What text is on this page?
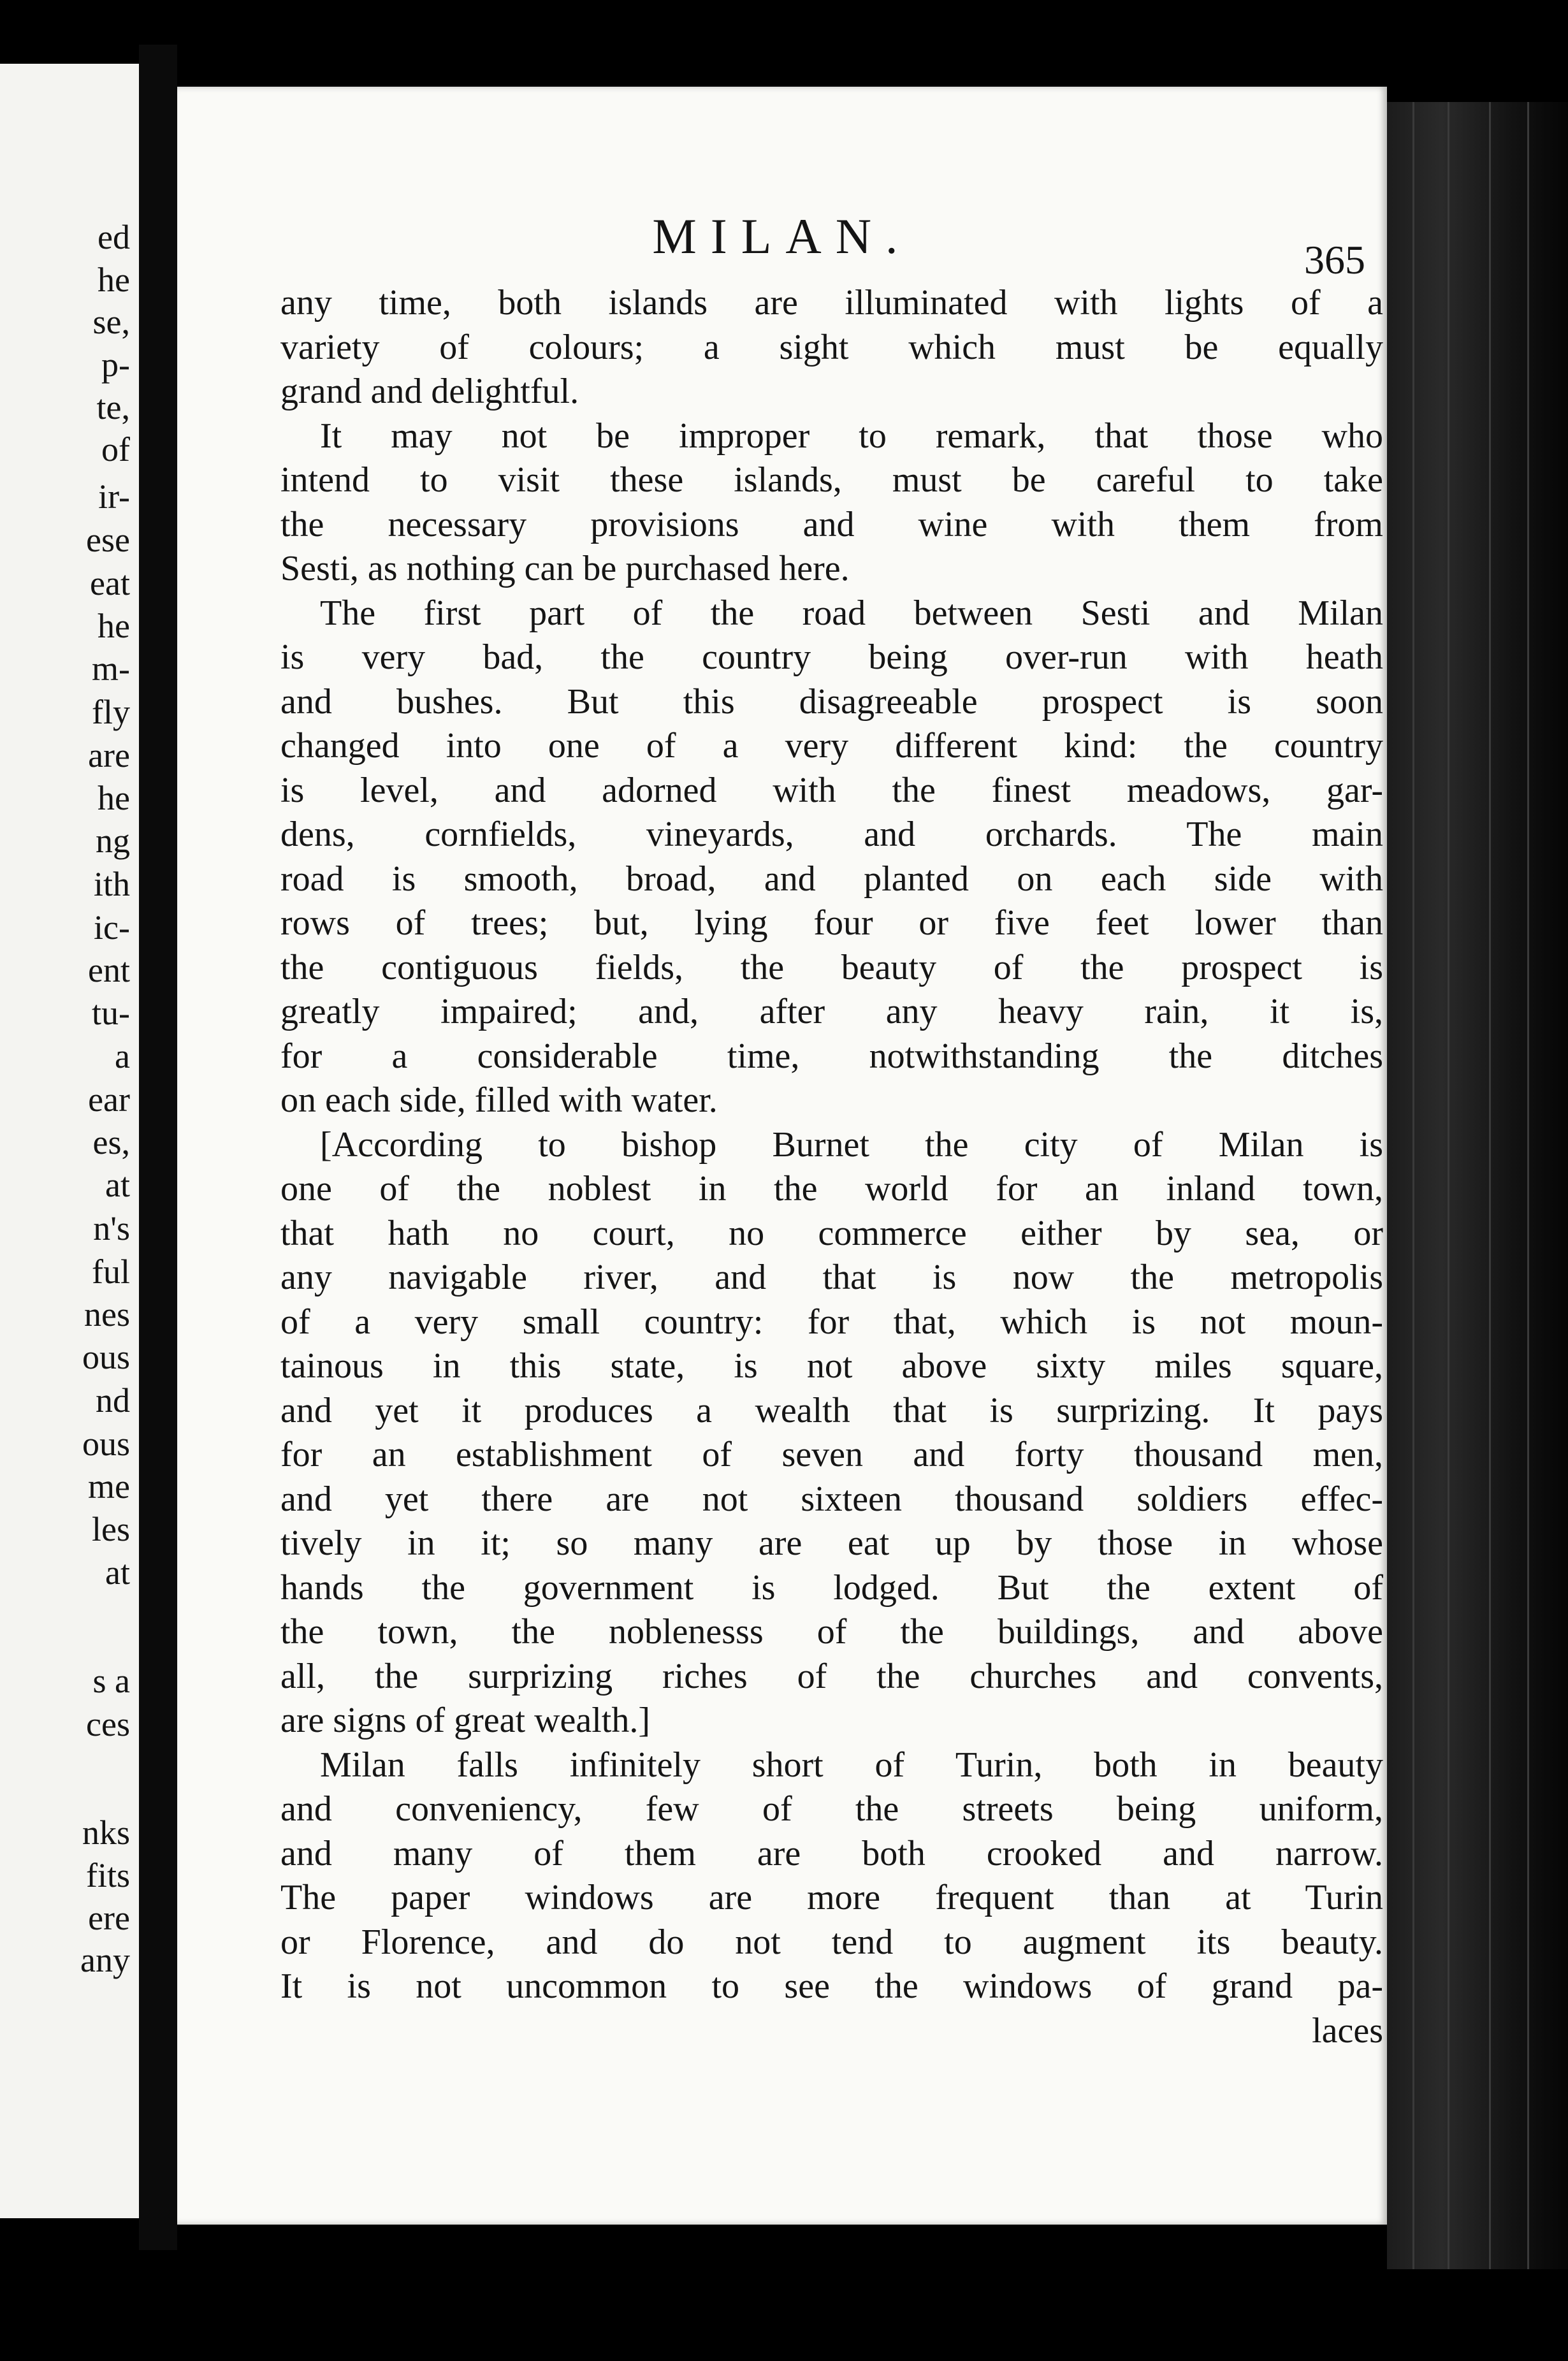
ed
he
se,
p-
te,
of
ir-
ese
eat
he
m-
fly
are
he
ng
ith
ic-
ent
tu-
a
ear
es,
at
n's
ful
nes
ous
nd
ous
me
les
at
s a
ces
nks
fits
ere
any
MILAN.	365
any time, both islands are illuminated with lights of a
variety of colours; a sight which must be equally
grand and delightful.
It may not be improper to remark, that those who
intend to visit these islands, must be careful to take
the necessary provisions and wine with them from
Sesti, as nothing can be purchased here.
The first part of the road between Sesti and Milan
is very bad, the country being over-run with heath
and bushes. But this disagreeable prospect is soon
changed into one of a very different kind: the country
is level, and adorned with the finest meadows, gar-
dens, cornfields, vineyards, and orchards. The main
road is smooth, broad, and planted on each side with
rows of trees; but, lying four or five feet lower than
the contiguous fields, the beauty of the prospect is
greatly impaired; and, after any heavy rain, it is,
for a considerable time, notwithstanding the ditches
on each side, filled with water.
[According to bishop Burnet the city of Milan is
one of the noblest in the world for an inland town,
that hath no court, no commerce either by sea, or
any navigable river, and that is now the metropolis
of a very small country: for that, which is not moun-
tainous in this state, is not above sixty miles square,
and yet it produces a wealth that is surprizing. It pays
for an establishment of seven and forty thousand men,
and yet there are not sixteen thousand soldiers effec-
tively in it; so many are eat up by those in whose
hands the government is lodged. But the extent of
the town, the noblenesss of the buildings, and above
all, the surprizing riches of the churches and convents,
are signs of great wealth.]
Milan falls infinitely short of Turin, both in beauty
and conveniency, few of the streets being uniform,
and many of them are both crooked and narrow.
The paper windows are more frequent than at Turin
or Florence, and do not tend to augment its beauty.
It is not uncommon to see the windows of grand pa-
laces
